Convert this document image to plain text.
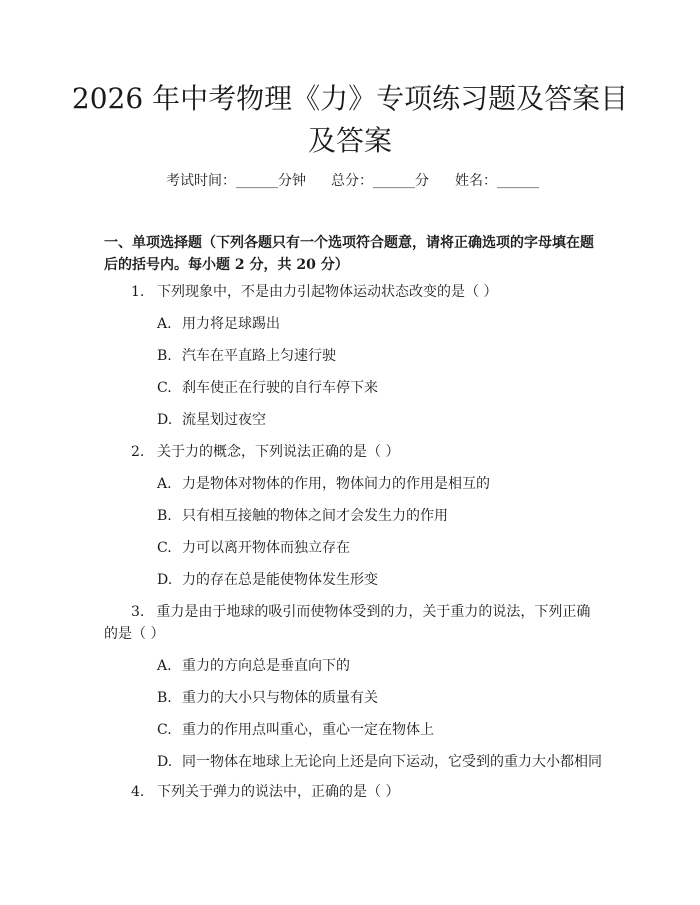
2026 年中考物理《力》专项练习题及答案目
及答案
考试时间：______分钟 总分：______分 姓名：______
一、单项选择题（下列各题只有一个选项符合题意，请将正确选项的字母填在题后的括号内。每小题 2 分，共 20 分）
1. 下列现象中，不是由力引起物体运动状态改变的是（ ）
A. 用力将足球踢出
B. 汽车在平直路上匀速行驶
C. 刹车使正在行驶的自行车停下来
D. 流星划过夜空
2. 关于力的概念，下列说法正确的是（ ）
A. 力是物体对物体的作用，物体间力的作用是相互的
B. 只有相互接触的物体之间才会发生力的作用
C. 力可以离开物体而独立存在
D. 力的存在总是能使物体发生形变
3. 重力是由于地球的吸引而使物体受到的力，关于重力的说法，下列正确的是（ ）
A. 重力的方向总是垂直向下的
B. 重力的大小只与物体的质量有关
C. 重力的作用点叫重心，重心一定在物体上
D. 同一物体在地球上无论向上还是向下运动，它受到的重力大小都相同
4. 下列关于弹力的说法中，正确的是（ ）
